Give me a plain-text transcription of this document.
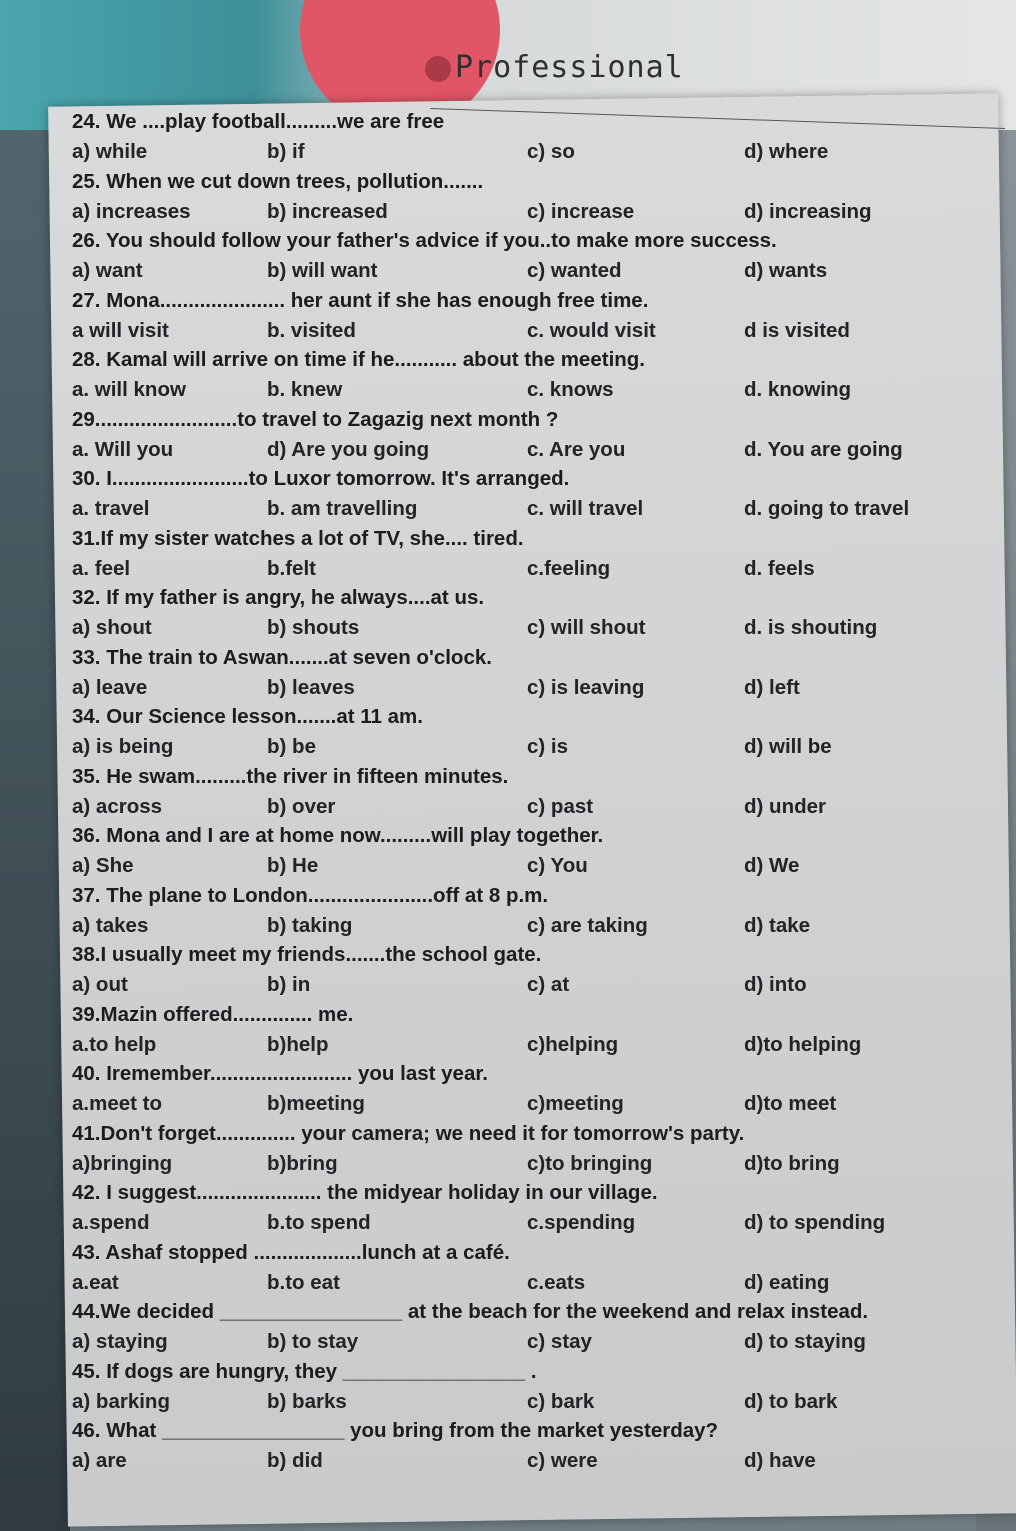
Professional
24. We ....play football.........we are free
a) while	b) if	c) so	d) where
25. When we cut down trees, pollution.......
a) increases	b) increased	c) increase	d) increasing
26. You should follow your father's advice if you..to make more success.
a) want	b) will want	c) wanted	d) wants
27. Mona...................... her aunt if she has enough free time.
a will visit	b. visited	c. would visit	d is visited
28. Kamal will arrive on time if he........... about the meeting.
a. will know	b. knew	c. knows	d. knowing
29.........................to travel to Zagazig next month ?
a. Will you	d) Are you going	c. Are you	d. You are going
30. I........................to Luxor tomorrow. It's arranged.
a. travel	b. am travelling	c. will travel	d. going to travel
31.If my sister watches a lot of TV, she.... tired.
a. feel	b.felt	c.feeling	d. feels
32. If my father is angry, he always....at us.
a) shout	b) shouts	c) will shout	d. is shouting
33. The train to Aswan.......at seven o'clock.
a) leave	b) leaves	c) is leaving	d) left
34. Our Science lesson.......at 11 am.
a) is being	b) be	c) is	d) will be
35. He swam.........the river in fifteen minutes.
a) across	b) over	c) past	d) under
36. Mona and I are at home now.........will play together.
a) She	b) He	c) You	d) We
37. The plane to London......................off at 8 p.m.
a) takes	b) taking	c) are taking	d) take
38.I usually meet my friends.......the school gate.
a) out	b) in	c) at	d) into
39.Mazin offered.............. me.
a.to help	b)help	c)helping	d)to helping
40. Iremember......................... you last year.
a.meet to	b)meeting	c)meeting	d)to meet
41.Don't forget.............. your camera; we need it for tomorrow's party.
a)bringing	b)bring	c)to bringing	d)to bring
42. I suggest...................... the midyear holiday in our village.
a.spend	b.to spend	c.spending	d) to spending
43. Ashaf stopped ...................lunch at a café.
a.eat	b.to eat	c.eats	d) eating
44.We decided ________________ at the beach for the weekend and relax instead.
a) staying	b) to stay	c) stay	d) to staying
45. If dogs are hungry, they ________________ .
a) barking	b) barks	c) bark	d) to bark
46. What ________________ you bring from the market yesterday?
a) are	b) did	c) were	d) have
